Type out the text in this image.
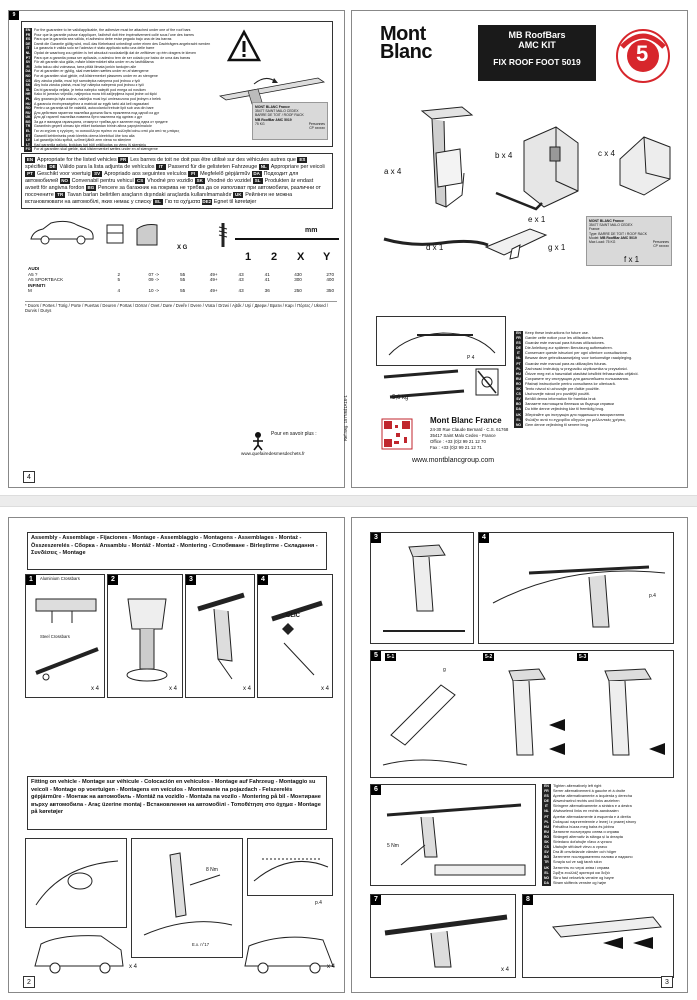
9
EN	For the guarantee to be valid/applicable, the adhesive must be attached under one of the roof bars
FR	Pour que la garantie puisse s'appliquer, l'adhésif doit être impérativement collé sous l'une des barres
ES	Para que la garantía sea válida, el adhesivo debe estar pegado bajo una de las barras
DE	Damit die Garantie gültig wird, muß das Klebeband unbedingt unter einen des Dachträgers angebracht werden
IT	La garanzia è valida solo se l'adesivo è stato applicato sotto una delle barre
NL	Opdat de waarborg zou gelden is het absoluut noodzakelijk dat de zelfklever op één dragers te kleven
PT	Para que a garantia possa ser aplicada, o adesivo tem de ser colado por baixo de uma das barras
SV	För att garantin ska gälla, måste klistermärket sitta under en av lasthållarna
FI	Jotta takuu olisi voimassa, tarra pitää liimata jonkin tankojen alle
DA For at garantien er gyldig, skal mærkaten sættes under en af stængerne
NO For at garantien skal gjelde, må klistremerket plasseres under en av stengene
CS	Aby záruka platila, musí být samolepka nalepena pod jednou z tyčí
SK	Aby bola záruka platná, musí byť nálepka nalepená pod jednou z tyčí
SL	Da bi garancija veljala, je treba nalepko nalepiti pod enega od nosilcev
HR Kako bi jamstvo vrijedilo, naljepnica mora biti zalijepljena ispod jedne od šipki
PL	Aby gwarancja była ważna, naklejka musi być umieszczona pod jednym z belek
HU A garancia érvényességéhez a matricát az egyik tartó alá kell ragasztani
RO Pentru ca garanția să fie valabilă, autocolantul trebuie lipit sub una din bare
RU Для действия гарантии наклейка должна быть приклеена под одной из дуг
UK Для дії гарантії наклейка повинна бути наклеєна під однією з дуг
BG За да е валидна гаранцията, стикерът трябва да е залепен под една от гредите
TR	Garantinin geçerli olması için etiket barlardan birinin altına yapıştırılmalıdır
EL	Για να ισχύσει η εγγύηση, το αυτοκόλλητο πρέπει να κολληθεί κάτω από μία από τις μπάρες
ET	Garantii kehtimiseks peab kleebis olema kleebitud ühe toru alla
LV	Lai garantija būtu spēkā, uzlīmei jābūt zem viena no stieņiem
LT	Kad garantija galiotų, lipdukas turi būti priklijuotas po vienu iš skersinių
FO	For at garantien skal gælde, skal klistermærket sættes under en af stængerne
MONT BLANC France
35477 SAINT MALO CEDEX
BARRE DE TOIT / ROOF RACK
MB RoofBar AMC 5019
75 KG	Personnes
CP xxxxxx
EN Appropriate for the listed vehicles FR Les barres de toit ne doit pas être utilisé sur des véhicules autres que ESspécifiés DE Válido para la lista adjunta de vehículos IT Passend für die gelisteten Fahrzeuge NL Appropriare per veicoli PT Geschikt voor voertuig SV Apropriado aos seguintes veículos FI Megfelelő gépjárműv DA Подходит для автомобилей NO Convenabil pentru vehicul CS Vhodné pro vozidlo SK Vhodné do vozidel SL Produkten är endast avsett för angivna fordon BG Pencere за багажник на покрива не трябва да се използват при автомобили, различни от посочените TR Tavan barları belirtilen araçların dışındaki araçlarda kullanılmamalıdır UK Рейлінги не можна встановлювати на автомобілі, яких немає у списку EL Για τα οχήματα DE2 Egnet til køretøjer
X G
mm
1 2 X Y
AUDI								
A5 ?	2	07 ->	55	49+	43	41	430	270
A5 SPORTBACK	5	09 ->	55	49+	43	41	300	400
INFINITI								
M	4	10 ->	55	49+	43	36	250	350
* Doors / Portes / Türig / Porte / Puertas / Deuren / Portas / Dörrar / Ovet / Døre / Dveře / Dvere / Vrata / Drzwi / Ajtók / Uşi / Двери / Врати / Kapı / Πόρτες / Uksed / Durvis / Durys
Pour en savoir plus :
www.quefairedesmesdechets.fr
4
Mont
Blanc
MB RoofBars
AMC KIT
FIX ROOF FOOT 5019	5
a x 4
b x 4	c x 4
e x 1
d x 1	g x 1
MONT BLANC France
35477 SAINT MALO CEDEX
France
Type: BARRE DE TOIT / ROOF RACK
Model: MB RoofBar AMC 5019
Max Load: 75 KG	Personnes
CP xxxxxx
f x 1
P 4
5,6 kg
EN	Keep these instructions for future use.
FR	Garder cette notice pour les utilisations futures.
ES	Guardar este manual para futuras utilizaciones.
DE	Die Anleitung zur späteren Benutzung aufbewahren.
IT	Conservare queste istruzioni per ogni ulteriore consultazione.
NL	Bewaar deze gebruiksaanwijzing voor toekomstige raadpleging.
PT	Guardar este manual para as utilizações futuras.
PL	Zachować instrukcję w przypadku użytkownika w przyszłości.
HU	Őrizze meg ezt a használati utasítást későbbi felhasználás céljából.
RU	Сохраните эту инструкцию для дальнейшего пользования.
RO	Păstrați instrucțiunile pentru consultarea lor ulterioară.
SK	Tento návod si uchovajte pre ďalšie použitie.
CS	Uschovejte návod pro pozdější použití.
SV	Behåll denna information för framtida bruk
BG	Запазете настоящата бележка за бъдещи справки
DA	Du bitte denne vejledning klar til fremtidig brug.
UK	Зберігайте цю інструкцію для подальшого використання
EL	Φυλάξτε αυτό το εγχειρίδιο οδηγιών για μελλοντικές χρήσεις.
NO	Gem denne vejledning til senere brug.
Mont Blanc France
24-30 Rue Claude Bernard - C.S. 61768
35417 Saint Malo Cedex - France
Office : +33 (0)2 99 21 12 70
Fax : +33 (0)2 99 21 12 71
www.montblancgroup.com
Ref.nwg: 157N6d1A16-1
Assembly - Assemblage - Fijaciones - Montage - Assemblaggio - Montagens - Assemblages - Montaż - Összeszerelés - Сборка - Ansamblu - Montáž - Montaž - Montering - Сглобяване - Birleştirme - Складання - Συνδέσεις - Montage
1	Aluminium Crossbars
Steel Crossbars
x 4
2
x 4
3
x 4
4
CLIC
x 4
Fitting on vehicle - Montage sur véhicule - Colocación en vehículos - Montage auf Fahrzeug - Montaggio su veicoli - Montage op voertuigen - Montagens em veículos - Montowanie na pojazdach - Felszerelés gépjárműre - Монтаж на автомобиль - Montáž na vozidlo - Montaža na vozilo - Montering på bil - Монтиране върху автомобила - Araç üzerine montaj - Встановлення на автомобілі - Τοποθέτηση στο όχημα - Montage på køretøjer
8 Nm
E.x. n°17
p.4
x 4	x 4
2
3	4
p.4
5	5-1	5-2	5-3
g
6
5 Nm
EN	Tighten alternatively left right
FR	Serrer alternativement à gauche et à droite
ES	Apretar alternativamente a izquierda y derecha
DE	Abwechselnd rechts und links anziehen
IT	Stringere alternativamente a sinistra e a destra
NL	Afwisselend links en rechts aandraaien
PT	Apertar alternadamente à esquerda e à direita
PL	Dokręcać naprzemiennie z lewej i z prawej strony
HU	Felváltva húzza meg balra és jobbra
RU	Затяните поочередно слева и справа
RO	Strângeți alternativ la stânga și la dreapta
SK	Striedavo doťahujte vľavo a vpravo
CS	Utahujte střídavě vlevo a vpravo
SV	Dra åt omväxlande vänster och höger
BG	Затегнете последователно наляво и надясно
TR	Sırayla sol ve sağ tarafı sıkın
UK	Затягніть по черзі зліва і справа
EL	Σφίξτε εναλλάξ αριστερά και δεξιά
NO	Skru fast vekselvis venstre og høyre
DA	Stram skiftevis venstre og højre
7
x 4
8
3
